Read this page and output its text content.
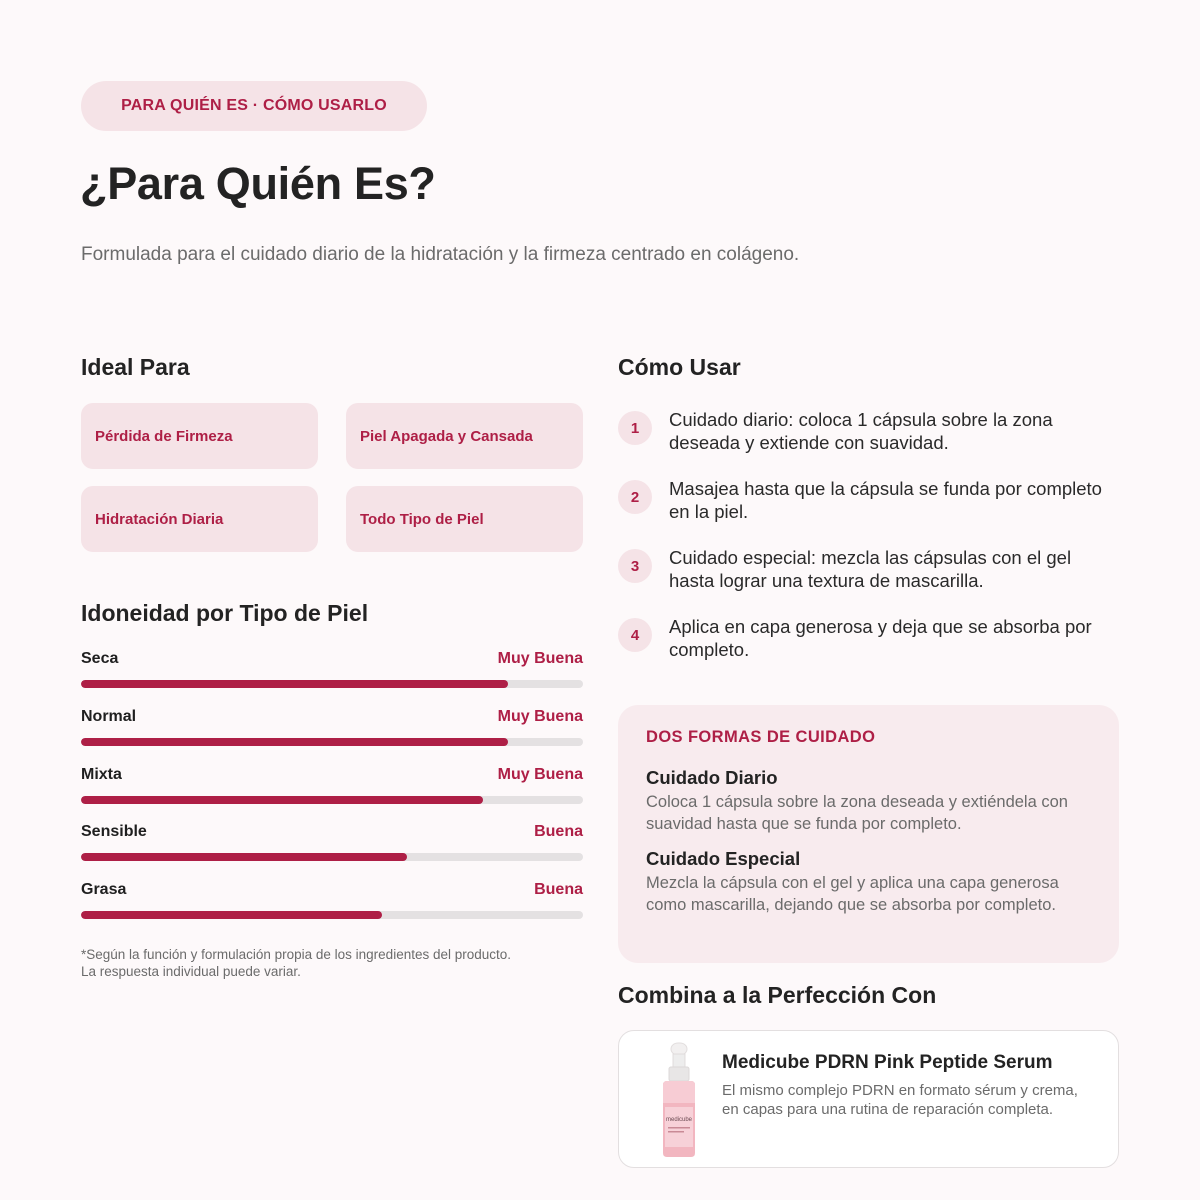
PARA QUIÉN ES · CÓMO USARLO
¿Para Quién Es?
Formulada para el cuidado diario de la hidratación y la firmeza centrado en colágeno.
Ideal Para
Pérdida de Firmeza	Piel Apagada y Cansada
Hidratación Diaria	Todo Tipo de Piel
Idoneidad por Tipo de Piel
Seca	Muy Buena
Normal	Muy Buena
Mixta	Muy Buena
Sensible	Buena
Grasa	Buena
*Según la función y formulación propia de los ingredientes del producto.
La respuesta individual puede variar.
Cómo Usar
1	Cuidado diario: coloca 1 cápsula sobre la zona deseada y extiende con suavidad.
2	Masajea hasta que la cápsula se funda por completo en la piel.
3	Cuidado especial: mezcla las cápsulas con el gel hasta lograr una textura de mascarilla.
4	Aplica en capa generosa y deja que se absorba por completo.
DOS FORMAS DE CUIDADO
Cuidado Diario
Coloca 1 cápsula sobre la zona deseada y extiéndela con suavidad hasta que se funda por completo.
Cuidado Especial
Mezcla la cápsula con el gel y aplica una capa generosa como mascarilla, dejando que se absorba por completo.
Combina a la Perfección Con
medicube
Medicube PDRN Pink Peptide Serum
El mismo complejo PDRN en formato sérum y crema, en capas para una rutina de reparación completa.
